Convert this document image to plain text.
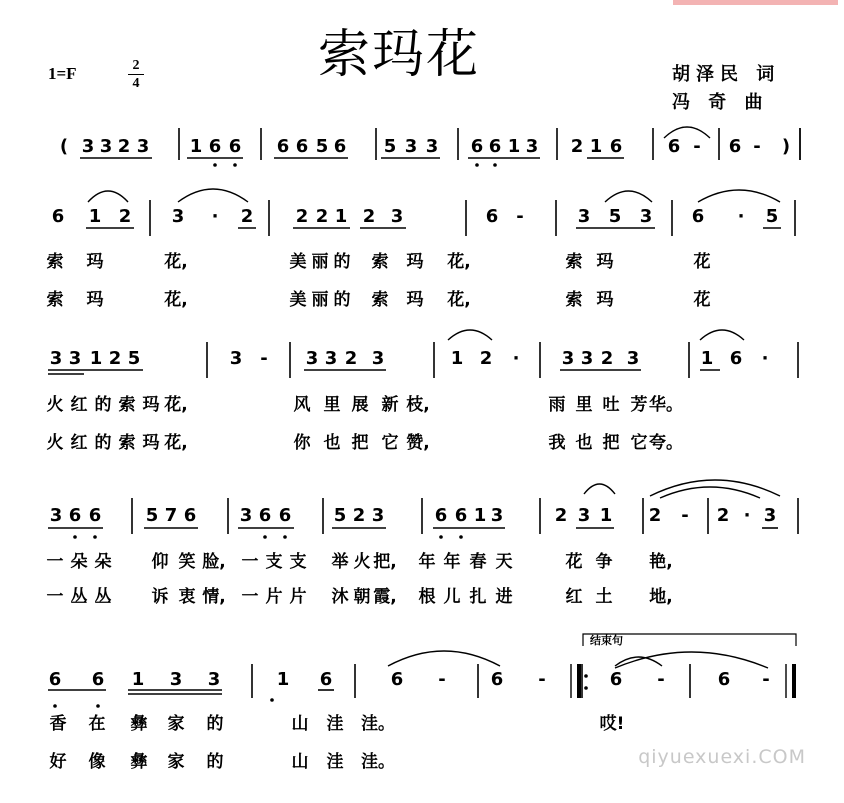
索玛花
1=F	2
4	胡泽民 词
冯 奇 曲
3 3 2 3 1 6 6 6 6 5 6 5 3 3 6 6 1 3 2 1 6	6 - 6 -
6 1 2 3 · 2 2 2 1 2 3	6 -	3 5 3 6 · 5
索 玛	花,	美 丽 的 索 玛 花,	索 玛	花
索 玛	花,	美 丽 的 索 玛 花,	索 玛	花
3 3 1 2 5	3 - 3 3 2 3	1 2 · 3 3 2 3	1 6 ·
火 红 的 索 玛 花,	风 里 展 新 枝,	雨 里 吐 芳 华。
火 红 的 索 玛 花,	你 也 把 它 赞,	我 也 把 它 夸。
3 6 6 5 7 6 3 6 6 5 2 3	6 6 1 3	2 3 1 2 - 2 · 3
一 朵 朵 仰 笑 脸, 一 支 支 举 火 把, 年 年 春 天	花 争 艳,
一 丛 丛 诉 衷 情, 一 片 片 沐 朝 霞, 根 儿 扎 进	红 土 地,
6 6 1 3 3	1 6	6 - 6 -	6 -	6 -
香 在 彝 家 的	山 洼 洼。	哎!
好 像 彝 家 的	山 洼 洼。
(	)
结束句
qiyuexuexi.COM
